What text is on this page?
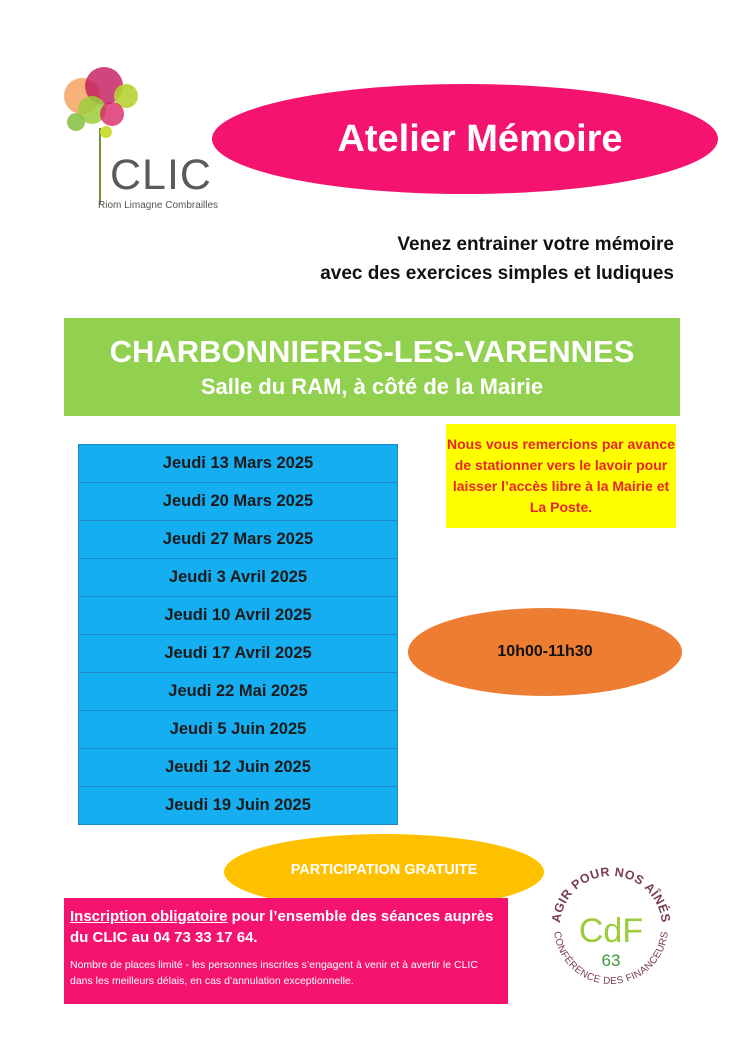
CLIC
Riom Limagne Combrailles
Atelier Mémoire
Venez entrainer votre mémoire
avec des exercices simples et ludiques
CHARBONNIERES-LES-VARENNES
Salle du RAM, à côté de la Mairie
Jeudi 13 Mars 2025
Jeudi 20 Mars 2025
Jeudi 27 Mars 2025
Jeudi 3 Avril 2025
Jeudi 10 Avril 2025
Jeudi 17 Avril 2025
Jeudi 22 Mai 2025
Jeudi 5 Juin 2025
Jeudi 12 Juin 2025
Jeudi 19 Juin 2025
Nous vous remercions par avance de stationner vers le lavoir pour laisser l’accès libre à la Mairie et La Poste.
10h00-11h30
PARTICIPATION GRATUITE
Inscription obligatoire pour l’ensemble des séances auprès du CLIC au 04 73 33 17 64.
Nombre de places limité - les personnes inscrites s’engagent à venir et à avertir le CLIC dans les meilleurs délais, en cas d’annulation exceptionnelle.
AGIR POUR NOS AÎNÉS
CONFÉRENCE DES FINANCEURS
CdF
63
